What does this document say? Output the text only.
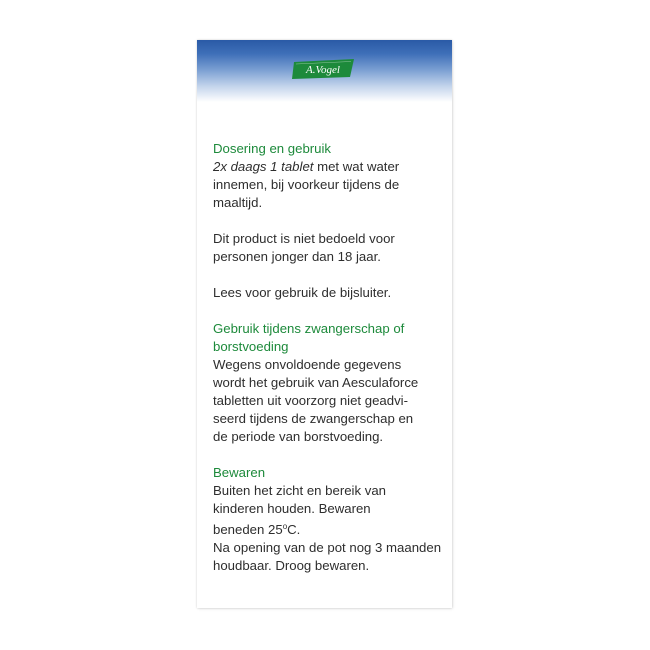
A.Vogel
Dosering en gebruik
2x daags 1 tablet met wat water
innemen, bij voorkeur tijdens de
maaltijd.
Dit product is niet bedoeld voor
personen jonger dan 18 jaar.
Lees voor gebruik de bijsluiter.
Gebruik tijdens zwangerschap of
borstvoeding
Wegens onvoldoende gegevens
wordt het gebruik van Aesculaforce
tabletten uit voorzorg niet geadvi-
seerd tijdens de zwangerschap en
de periode van borstvoeding.
Bewaren
Buiten het zicht en bereik van
kinderen houden. Bewaren
beneden 25$^o$C.
Na opening van de pot nog 3 maanden
houdbaar. Droog bewaren.
